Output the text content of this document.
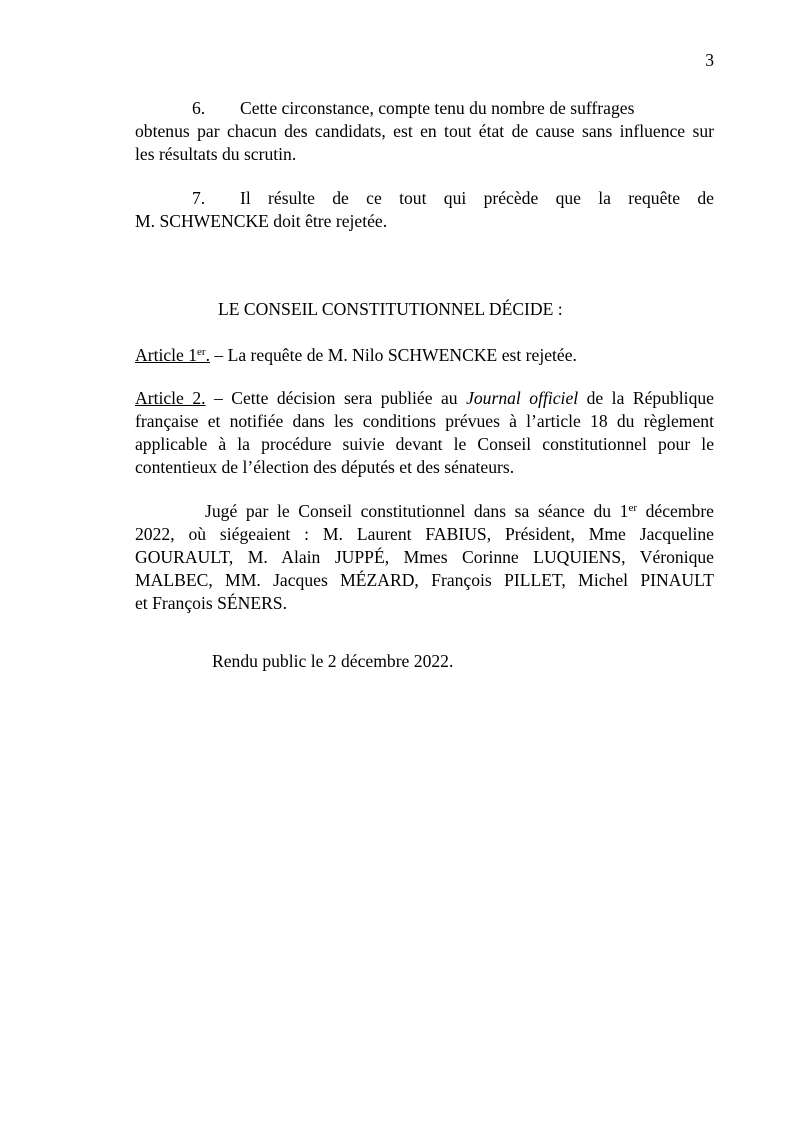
3
6. Cette circonstance, compte tenu du nombre de suffrages
obtenus par chacun des candidats, est en tout état de cause sans influence sur
les résultats du scrutin.
7.	Il résulte de ce tout qui précède que la requête de
M. SCHWENCKE doit être rejetée.
LE CONSEIL CONSTITUTIONNEL DÉCIDE :
Article 1er. – La requête de M. Nilo SCHWENCKE est rejetée.
Article 2. – Cette décision sera publiée au Journal officiel de la République
française et notifiée dans les conditions prévues à l’article 18 du règlement
applicable à la procédure suivie devant le Conseil constitutionnel pour le
contentieux de l’élection des députés et des sénateurs.
Jugé par le Conseil constitutionnel dans sa séance du 1er décembre
2022, où siégeaient : M. Laurent FABIUS, Président, Mme Jacqueline
GOURAULT, M. Alain JUPPÉ, Mmes Corinne LUQUIENS, Véronique
MALBEC, MM. Jacques MÉZARD, François PILLET, Michel PINAULT
et François SÉNERS.
Rendu public le 2 décembre 2022.
